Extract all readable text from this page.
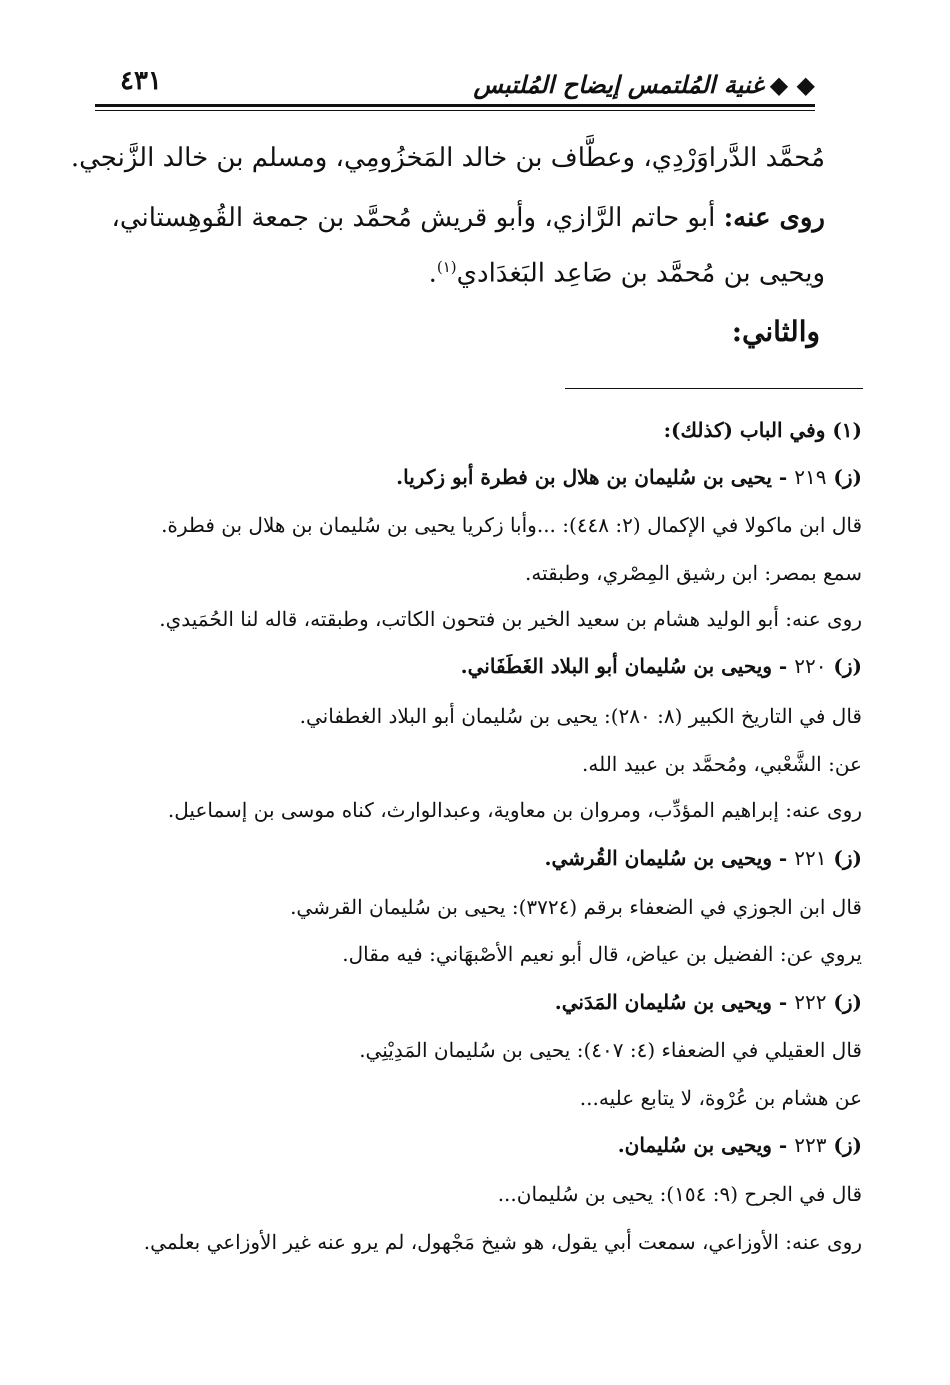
◆ ◆غنية المُلتمس إيضاح المُلتبس
٤٣١
مُحمَّد الدَّراوَرْدِي، وعطَّاف بن خالد المَخزُومِي، ومسلم بن خالد الزَّنجي.
روى عنه: أبو حاتم الرَّازي، وأبو قريش مُحمَّد بن جمعة القُوهِستاني،
ويحيى بن مُحمَّد بن صَاعِد البَغدَادي$^{(١)}$.
والثاني:
(١) وفي الباب (كذلك):
(ز) ٢١٩ - يحيى بن سُليمان بن هلال بن فطرة أبو زكريا.
قال ابن ماكولا في الإكمال (٢: ٤٤٨): ...وأبا زكريا يحيى بن سُليمان بن هلال بن فطرة.
سمع بمصر: ابن رشيق المِصْري، وطبقته.
روى عنه: أبو الوليد هشام بن سعيد الخير بن فتحون الكاتب، وطبقته، قاله لنا الحُمَيدي.
(ز) ٢٢٠ - ويحيى بن سُليمان أبو البلاد الغَطَفَاني.
قال في التاريخ الكبير (٨: ٢٨٠): يحيى بن سُليمان أبو البلاد الغطفاني.
عن: الشَّعْبي، ومُحمَّد بن عبيد الله.
روى عنه: إبراهيم المؤدِّب، ومروان بن معاوية، وعبدالوارث، كناه موسى بن إسماعيل.
(ز) ٢٢١ - ويحيى بن سُليمان القُرشي.
قال ابن الجوزي في الضعفاء برقم (٣٧٢٤): يحيى بن سُليمان القرشي.
يروي عن: الفضيل بن عياض، قال أبو نعيم الأصْبهَاني: فيه مقال.
(ز) ٢٢٢ - ويحيى بن سُليمان المَدَني.
قال العقيلي في الضعفاء (٤: ٤٠٧): يحيى بن سُليمان المَدِيْنِي.
عن هشام بن عُرْوة، لا يتابع عليه...
(ز) ٢٢٣ - ويحيى بن سُليمان.
قال في الجرح (٩: ١٥٤): يحيى بن سُليمان...
روى عنه: الأوزاعي، سمعت أبي يقول، هو شيخ مَجْهول، لم يرو عنه غير الأوزاعي بعلمي.
